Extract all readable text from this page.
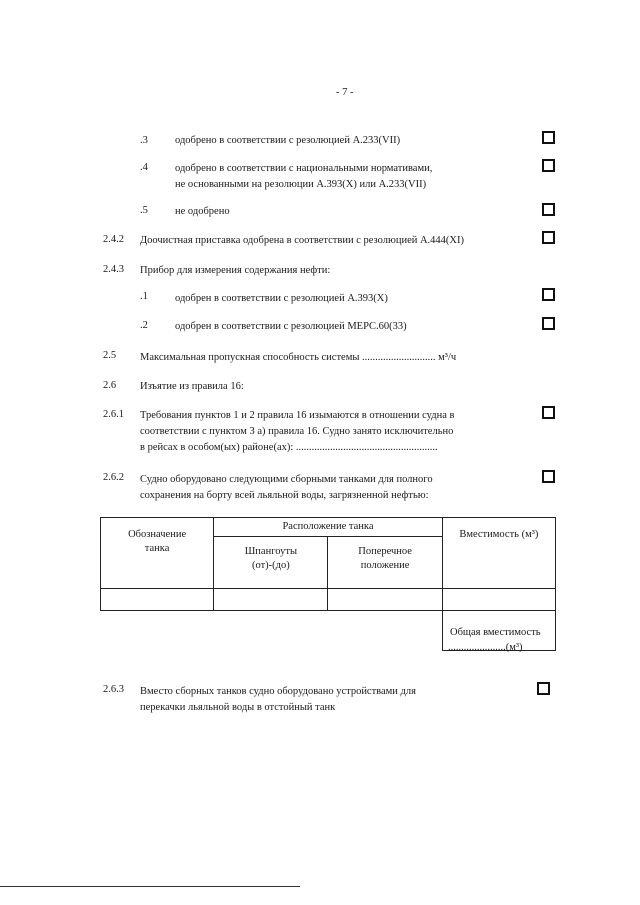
- 7 -
.3	одобрено в соответствии с резолюцией А.233(VII)
.4	одобрено в соответствии с национальными нормативами,
не основанными на резолюции А.393(X) или А.233(VII)
.5	не одобрено
2.4.2 Доочистная приставка одобрена в соответствии с резолюцией А.444(XI)
2.4.3 Прибор для измерения содержания нефти:
.1	одобрен в соответствии с резолюцией А.393(X)
.2	одобрен в соответствии с резолюцией МЕРС.60(33)
2.5 Максимальная пропускная способность системы ............................ м³/ч
2.6 Изъятие из правила 16:
2.6.1 Требования пунктов 1 и 2 правила 16 изымаются в отношении судна в
соответствии с пунктом 3 а) правила 16. Судно занято исключительно
в рейсах в особом(ых) районе(ах): ......................................................
2.6.2 Судно оборудовано следующими сборными танками для полного
сохранения на борту всей льяльной воды, загрязненной нефтью:
Обозначение танка	Расположение танка		Вместимость (м³)
	Шпангоуты (от)-(до)	Поперечное положение	

Общая вместимость
......................(м³)
2.6.3 Вместо сборных танков судно оборудовано устройствами для
перекачки льяльной воды в отстойный танк
